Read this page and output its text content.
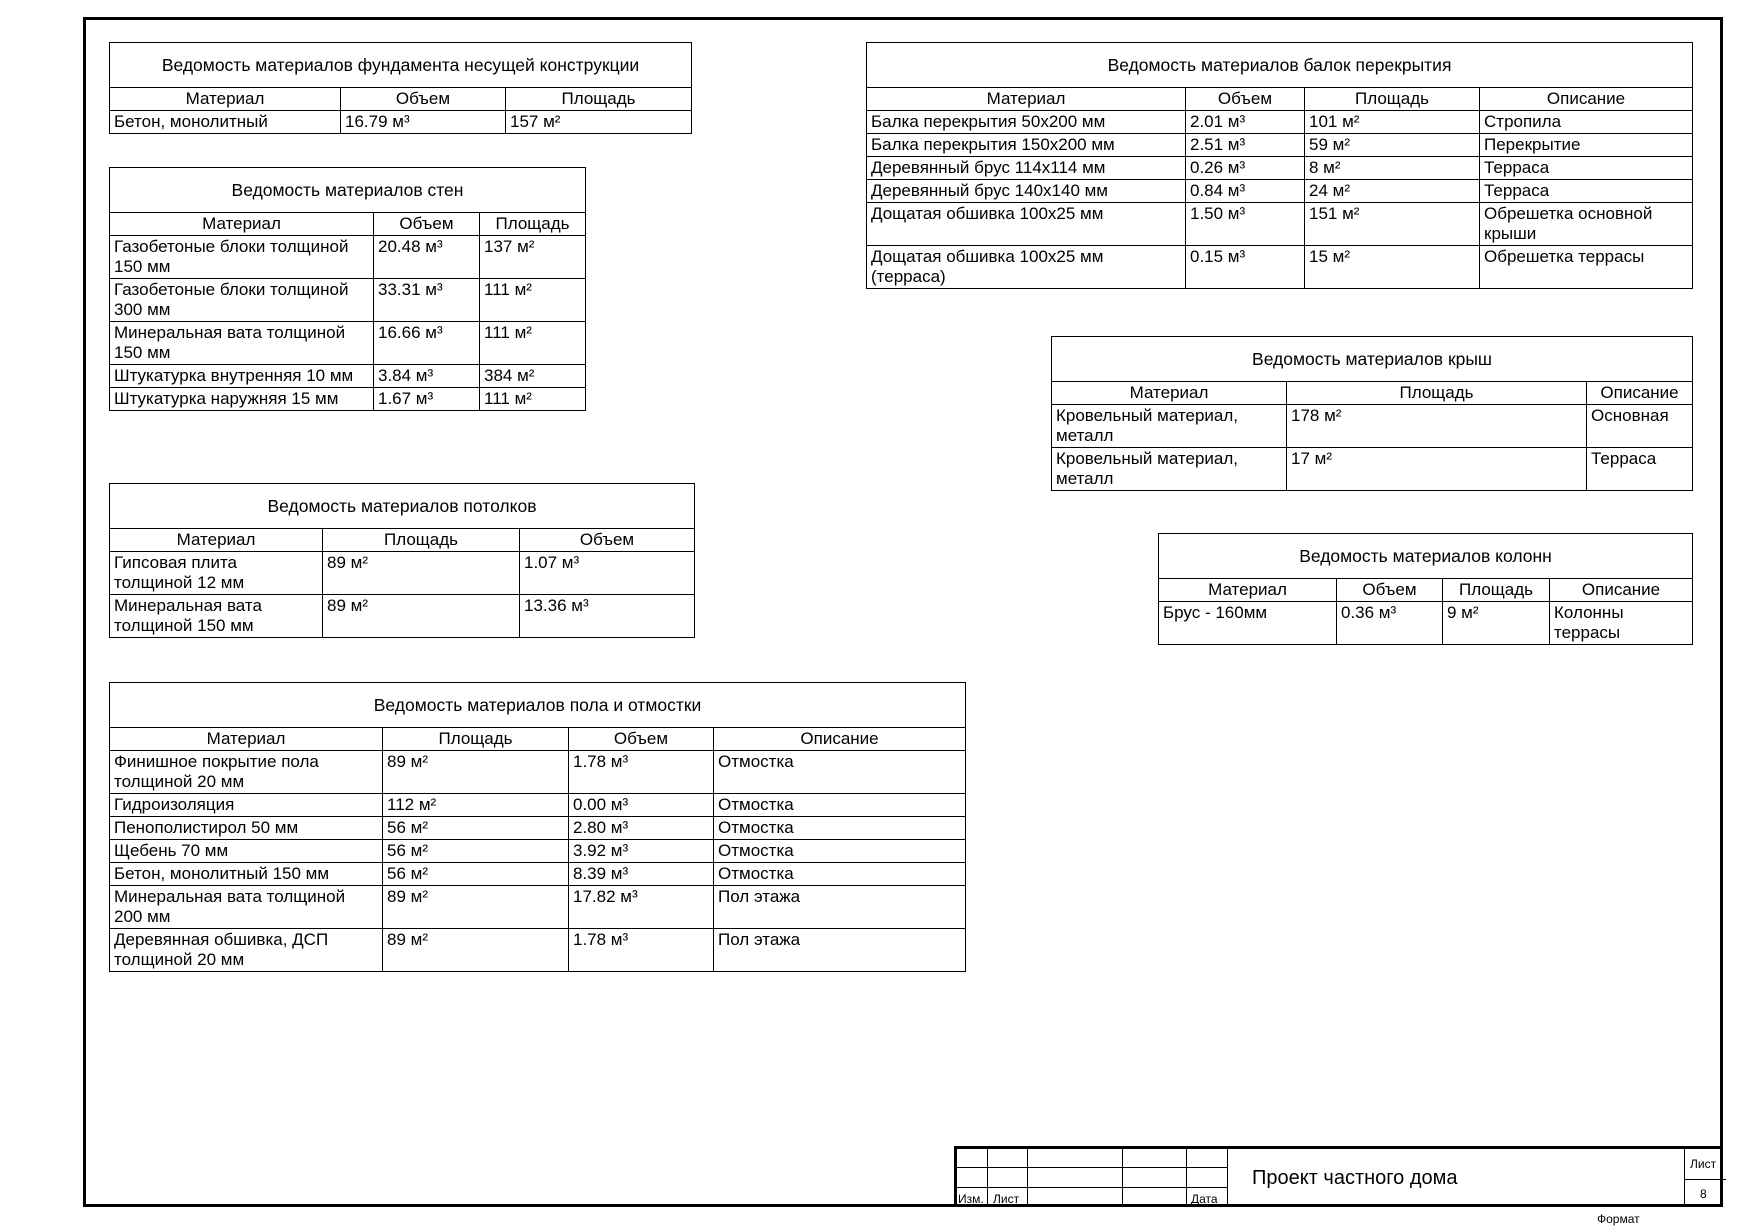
Ведомость материалов фундамента несущей конструкции		
Материал	Объем	Площадь
Бетон, монолитный	16.79 м³	157 м²
Ведомость материалов стен		
Материал	Объем	Площадь
Газобетоные блоки толщиной 150 мм	20.48 м³	137 м²
Газобетоные блоки толщиной 300 мм	33.31 м³	111 м²
Минеральная вата толщиной 150 мм	16.66 м³	111 м²
Штукатурка внутренняя 10 мм	3.84 м³	384 м²
Штукатурка наружняя 15 мм	1.67 м³	111 м²
Ведомость материалов потолков		
Материал	Площадь	Объем
Гипсовая плита толщиной 12 мм	89 м²	1.07 м³
Минеральная вата толщиной 150 мм	89 м²	13.36 м³
Ведомость материалов пола и отмостки			
Материал	Площадь	Объем	Описание
Финишное покрытие пола толщиной 20 мм	89 м²	1.78 м³	Отмостка
Гидроизоляция	112 м²	0.00 м³	Отмостка
Пенополистирол 50 мм	56 м²	2.80 м³	Отмостка
Щебень 70 мм	56 м²	3.92 м³	Отмостка
Бетон, монолитный 150 мм	56 м²	8.39 м³	Отмостка
Минеральная вата толщиной 200 мм	89 м²	17.82 м³	Пол этажа
Деревянная обшивка, ДСП толщиной 20 мм	89 м²	1.78 м³	Пол этажа
Ведомость материалов балок перекрытия			
Материал	Объем	Площадь	Описание
Балка перекрытия 50х200 мм	2.01 м³	101 м²	Стропила
Балка перекрытия 150х200 мм	2.51 м³	59 м²	Перекрытие
Деревянный брус 114х114 мм	0.26 м³	8 м²	Терраса
Деревянный брус 140х140 мм	0.84 м³	24 м²	Терраса
Дощатая обшивка 100х25 мм	1.50 м³	151 м²	Обрешетка основной крыши
Дощатая обшивка 100х25 мм (терраса)	0.15 м³	15 м²	Обрешетка террасы
Ведомость материалов крыш		
Материал	Площадь	Описание
Кровельный материал, металл	178 м²	Основная
Кровельный материал, металл	17 м²	Терраса
Ведомость материалов колонн			
Материал	Объем	Площадь	Описание
Брус - 160мм	0.36 м³	9 м²	Колонны террасы
Изм. Лист	Дата
Проект частного дома
Лист
8
Формат
